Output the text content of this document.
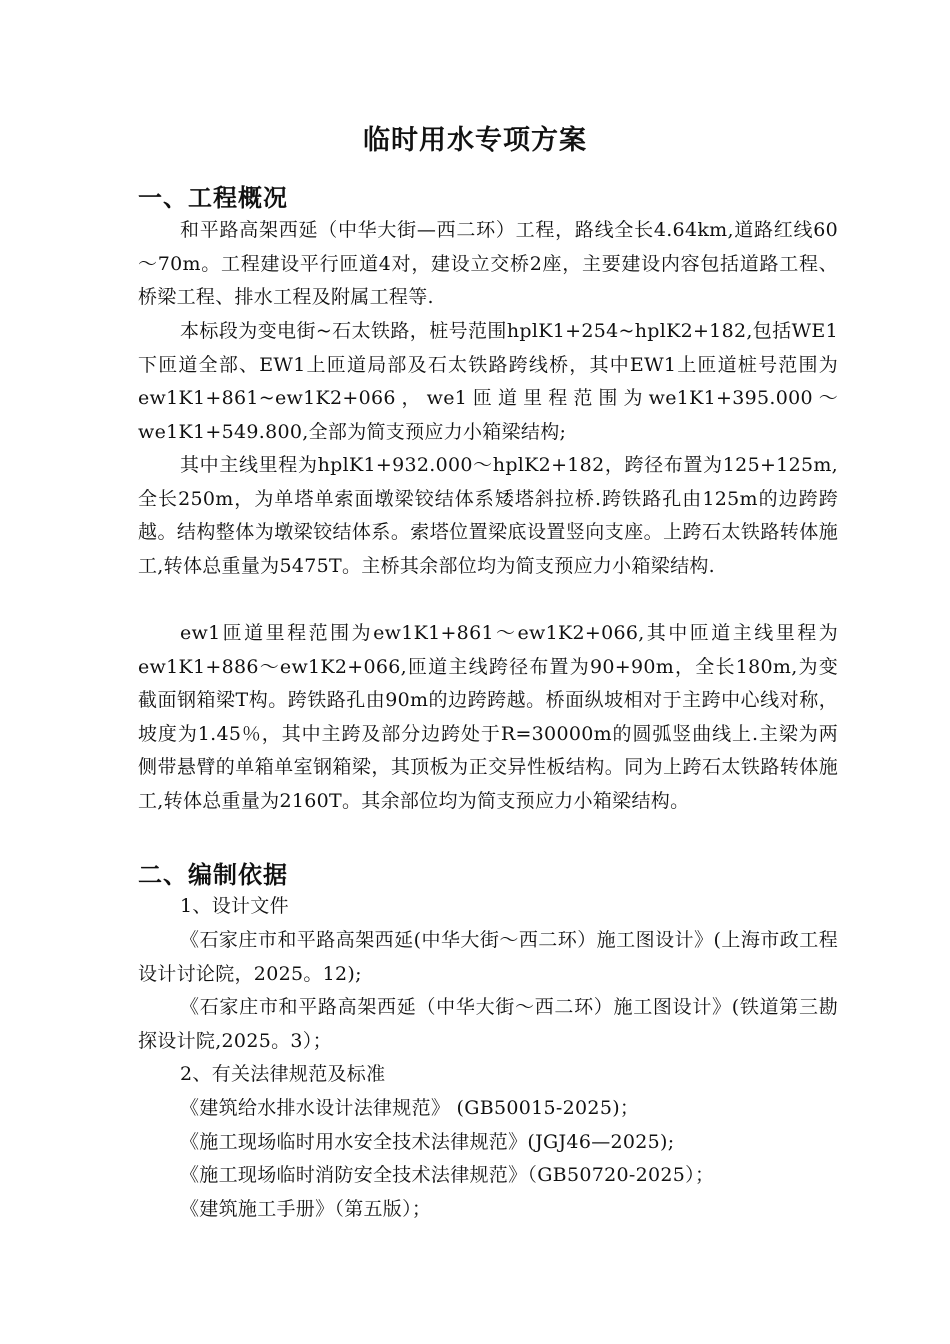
临时用水专项方案
一、工程概况
和平路高架西延（中华大街—西二环）工程，路线全长4.64km,道路红线60～70m。工程建设平行匝道4对，建设立交桥2座，主要建设内容包括道路工程、桥梁工程、排水工程及附属工程等.
本标段为变电街~石太铁路，桩号范围hplK1+254~hplK2+182,包括WE1下匝道全部、EW1上匝道局部及石太铁路跨线桥，其中EW1上匝道桩号范围为ew1K1+861~ew1K2+066，we1匝道里程范围为we1K1+395.000～we1K1+549.800,全部为简支预应力小箱梁结构;
其中主线里程为hplK1+932.000～hplK2+182，跨径布置为125+125m,全长250m，为单塔单索面墩梁铰结体系矮塔斜拉桥.跨铁路孔由125m的边跨跨越。结构整体为墩梁铰结体系。索塔位置梁底设置竖向支座。上跨石太铁路转体施工,转体总重量为5475T。主桥其余部位均为简支预应力小箱梁结构.
ew1匝道里程范围为ew1K1+861～ew1K2+066,其中匝道主线里程为ew1K1+886～ew1K2+066,匝道主线跨径布置为90+90m，全长180m,为变截面钢箱梁T构。跨铁路孔由90m的边跨跨越。桥面纵坡相对于主跨中心线对称，坡度为1.45％，其中主跨及部分边跨处于R=30000m的圆弧竖曲线上.主梁为两侧带悬臂的单箱单室钢箱梁，其顶板为正交异性板结构。同为上跨石太铁路转体施工,转体总重量为2160T。其余部位均为简支预应力小箱梁结构。
二、编制依据
1、设计文件
《石家庄市和平路高架西延(中华大街～西二环）施工图设计》(上海市政工程设计讨论院，2025。12);
《石家庄市和平路高架西延（中华大街～西二环）施工图设计》(铁道第三勘探设计院,2025。3）；
2、有关法律规范及标准
《建筑给水排水设计法律规范》 (GB50015-2025)；
《施工现场临时用水安全技术法律规范》(JGJ46—2025);
《施工现场临时消防安全技术法律规范》（GB50720-2025）；
《建筑施工手册》（第五版）；
